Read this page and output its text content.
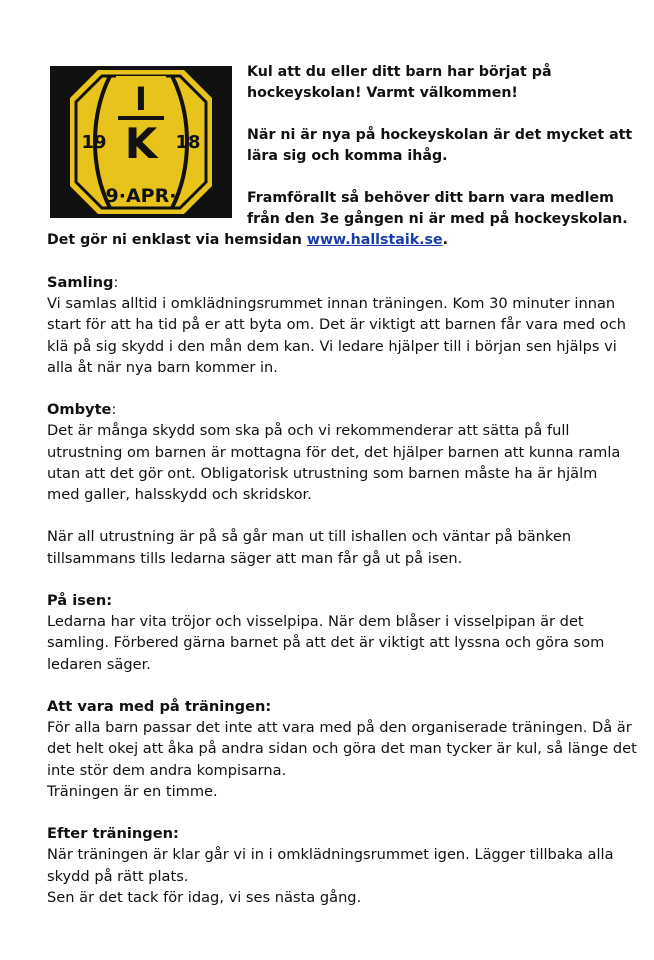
I
K
19	18
9·APR·

Kul att du eller ditt barn har börjat på
hockeyskolan! Varmt välkommen!

När ni är nya på hockeyskolan är det mycket att
lära sig och komma ihåg.

Framförallt så behöver ditt barn vara medlem
från den 3e gången ni är med på hockeyskolan.

Det gör ni enklast via hemsidan www.hallstaik.se.
Samling:
Vi samlas alltid i omklädningsrummet innan träningen. Kom 30 minuter innan
start för att ha tid på er att byta om. Det är viktigt att barnen får vara med och
klä på sig skydd i den mån dem kan. Vi ledare hjälper till i början sen hjälps vi
alla åt när nya barn kommer in.
Ombyte:
Det är många skydd som ska på och vi rekommenderar att sätta på full
utrustning om barnen är mottagna för det, det hjälper barnen att kunna ramla
utan att det gör ont. Obligatorisk utrustning som barnen måste ha är hjälm
med galler, halsskydd och skridskor.
När all utrustning är på så går man ut till ishallen och väntar på bänken
tillsammans tills ledarna säger att man får gå ut på isen.
På isen:
Ledarna har vita tröjor och visselpipa. När dem blåser i visselpipan är det
samling. Förbered gärna barnet på att det är viktigt att lyssna och göra som
ledaren säger.
Att vara med på träningen:
För alla barn passar det inte att vara med på den organiserade träningen. Då är
det helt okej att åka på andra sidan och göra det man tycker är kul, så länge det
inte stör dem andra kompisarna.
Träningen är en timme.
Efter träningen:
När träningen är klar går vi in i omklädningsrummet igen. Lägger tillbaka alla
skydd på rätt plats.
Sen är det tack för idag, vi ses nästa gång.
